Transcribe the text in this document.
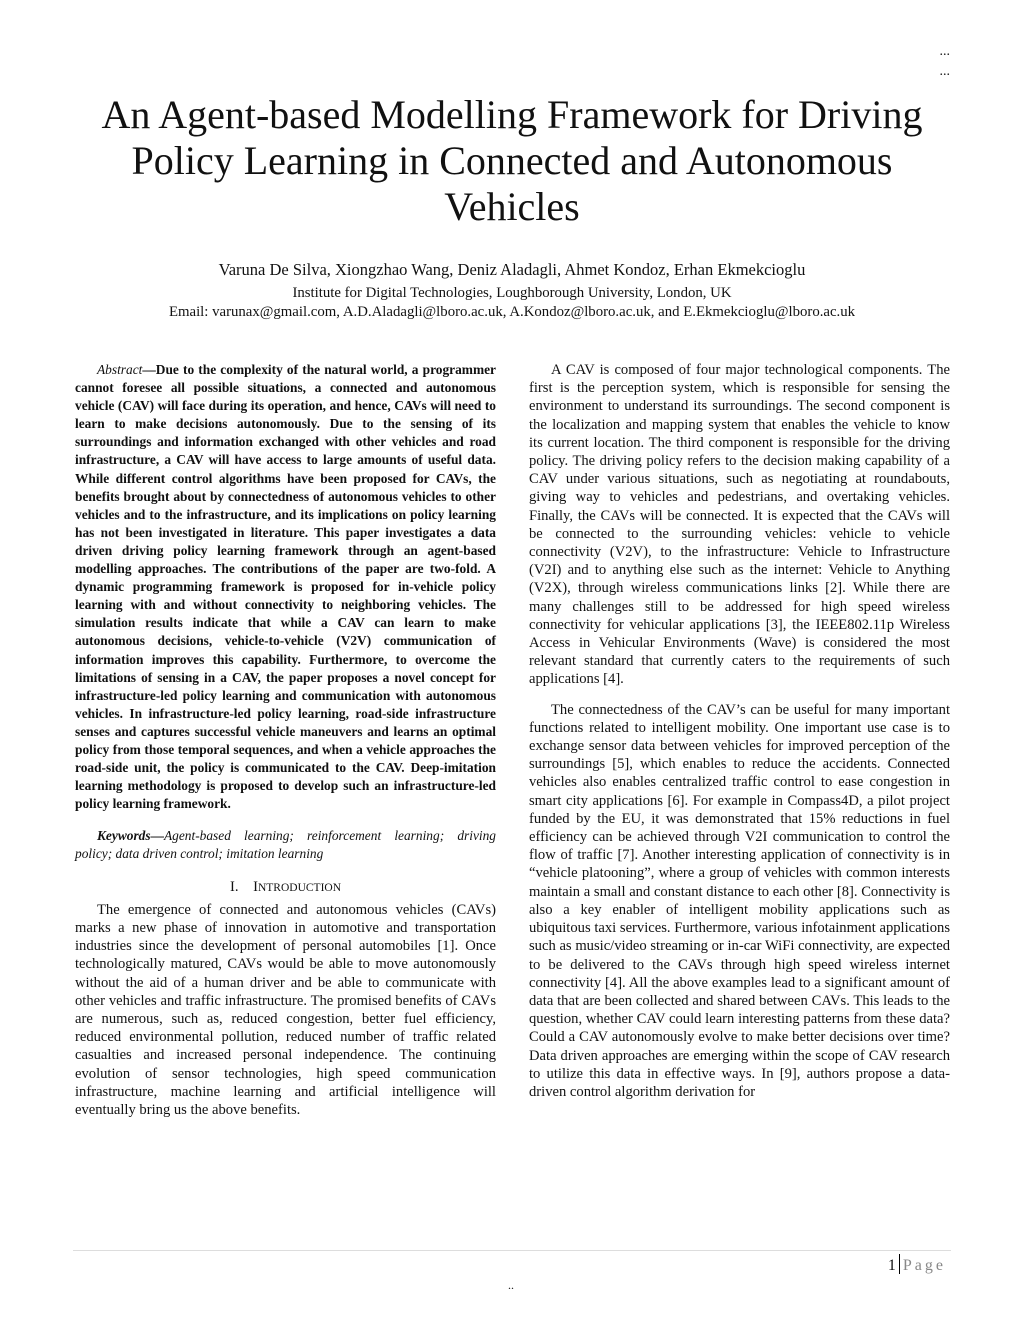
...
...
An Agent-based Modelling Framework for Driving Policy Learning in Connected and Autonomous Vehicles
Varuna De Silva, Xiongzhao Wang, Deniz Aladagli, Ahmet Kondoz, Erhan Ekmekcioglu
Institute for Digital Technologies, Loughborough University, London, UK
Email: varunax@gmail.com, A.D.Aladagli@lboro.ac.uk, A.Kondoz@lboro.ac.uk, and E.Ekmekcioglu@lboro.ac.uk

Abstract—Due to the complexity of the natural world, a programmer cannot foresee all possible situations, a connected and autonomous vehicle (CAV) will face during its operation, and hence, CAVs will need to learn to make decisions autonomously. Due to the sensing of its surroundings and information exchanged with other vehicles and road infrastructure, a CAV will have access to large amounts of useful data. While different control algorithms have been proposed for CAVs, the benefits brought about by connectedness of autonomous vehicles to other vehicles and to the infrastructure, and its implications on policy learning has not been investigated in literature. This paper investigates a data driven driving policy learning framework through an agent-based modelling approaches. The contributions of the paper are two-fold. A dynamic programming framework is proposed for in-vehicle policy learning with and without connectivity to neighboring vehicles. The simulation results indicate that while a CAV can learn to make autonomous decisions, vehicle-to-vehicle (V2V) communication of information improves this capability. Furthermore, to overcome the limitations of sensing in a CAV, the paper proposes a novel concept for infrastructure-led policy learning and communication with autonomous vehicles. In infrastructure-led policy learning, road-side infrastructure senses and captures successful vehicle maneuvers and learns an optimal policy from those temporal sequences, and when a vehicle approaches the road-side unit, the policy is communicated to the CAV. Deep-imitation learning methodology is proposed to develop such an infrastructure-led policy learning framework.

Keywords—Agent-based learning; reinforcement learning; driving policy; data driven control; imitation learning

I. INTRODUCTION

The emergence of connected and autonomous vehicles (CAVs) marks a new phase of innovation in automotive and transportation industries since the development of personal automobiles [1]. Once technologically matured, CAVs would be able to move autonomously without the aid of a human driver and be able to communicate with other vehicles and traffic infrastructure. The promised benefits of CAVs are numerous, such as, reduced congestion, better fuel efficiency, reduced environmental pollution, reduced number of traffic related casualties and increased personal independence. The continuing evolution of sensor technologies, high speed communication infrastructure, machine learning and artificial intelligence will eventually bring us the above benefits.

A CAV is composed of four major technological components. The first is the perception system, which is responsible for sensing the environment to understand its surroundings. The second component is the localization and mapping system that enables the vehicle to know its current location. The third component is responsible for the driving policy. The driving policy refers to the decision making capability of a CAV under various situations, such as negotiating at roundabouts, giving way to vehicles and pedestrians, and overtaking vehicles. Finally, the CAVs will be connected. It is expected that the CAVs will be connected to the surrounding vehicles: vehicle to vehicle connectivity (V2V), to the infrastructure: Vehicle to Infrastructure (V2I) and to anything else such as the internet: Vehicle to Anything (V2X), through wireless communications links [2]. While there are many challenges still to be addressed for high speed wireless connectivity for vehicular applications [3], the IEEE802.11p Wireless Access in Vehicular Environments (Wave) is considered the most relevant standard that currently caters to the requirements of such applications [4].

The connectedness of the CAV’s can be useful for many important functions related to intelligent mobility. One important use case is to exchange sensor data between vehicles for improved perception of the surroundings [5], which enables to reduce the accidents. Connected vehicles also enables centralized traffic control to ease congestion in smart city applications [6]. For example in Compass4D, a pilot project funded by the EU, it was demonstrated that 15% reductions in fuel efficiency can be achieved through V2I communication to control the flow of traffic [7]. Another interesting application of connectivity is in “vehicle platooning”, where a group of vehicles with common interests maintain a small and constant distance to each other [8]. Connectivity is also a key enabler of intelligent mobility applications such as ubiquitous taxi services. Furthermore, various infotainment applications such as music/video streaming or in-car WiFi connectivity, are expected to be delivered to the CAVs through high speed wireless internet connectivity [4]. All the above examples lead to a significant amount of data that are been collected and shared between CAVs. This leads to the question, whether CAV could learn interesting patterns from these data? Could a CAV autonomously evolve to make better decisions over time? Data driven approaches are emerging within the scope of CAV research to utilize this data in effective ways. In [9], authors propose a data-driven control algorithm derivation for

1 Page
..
